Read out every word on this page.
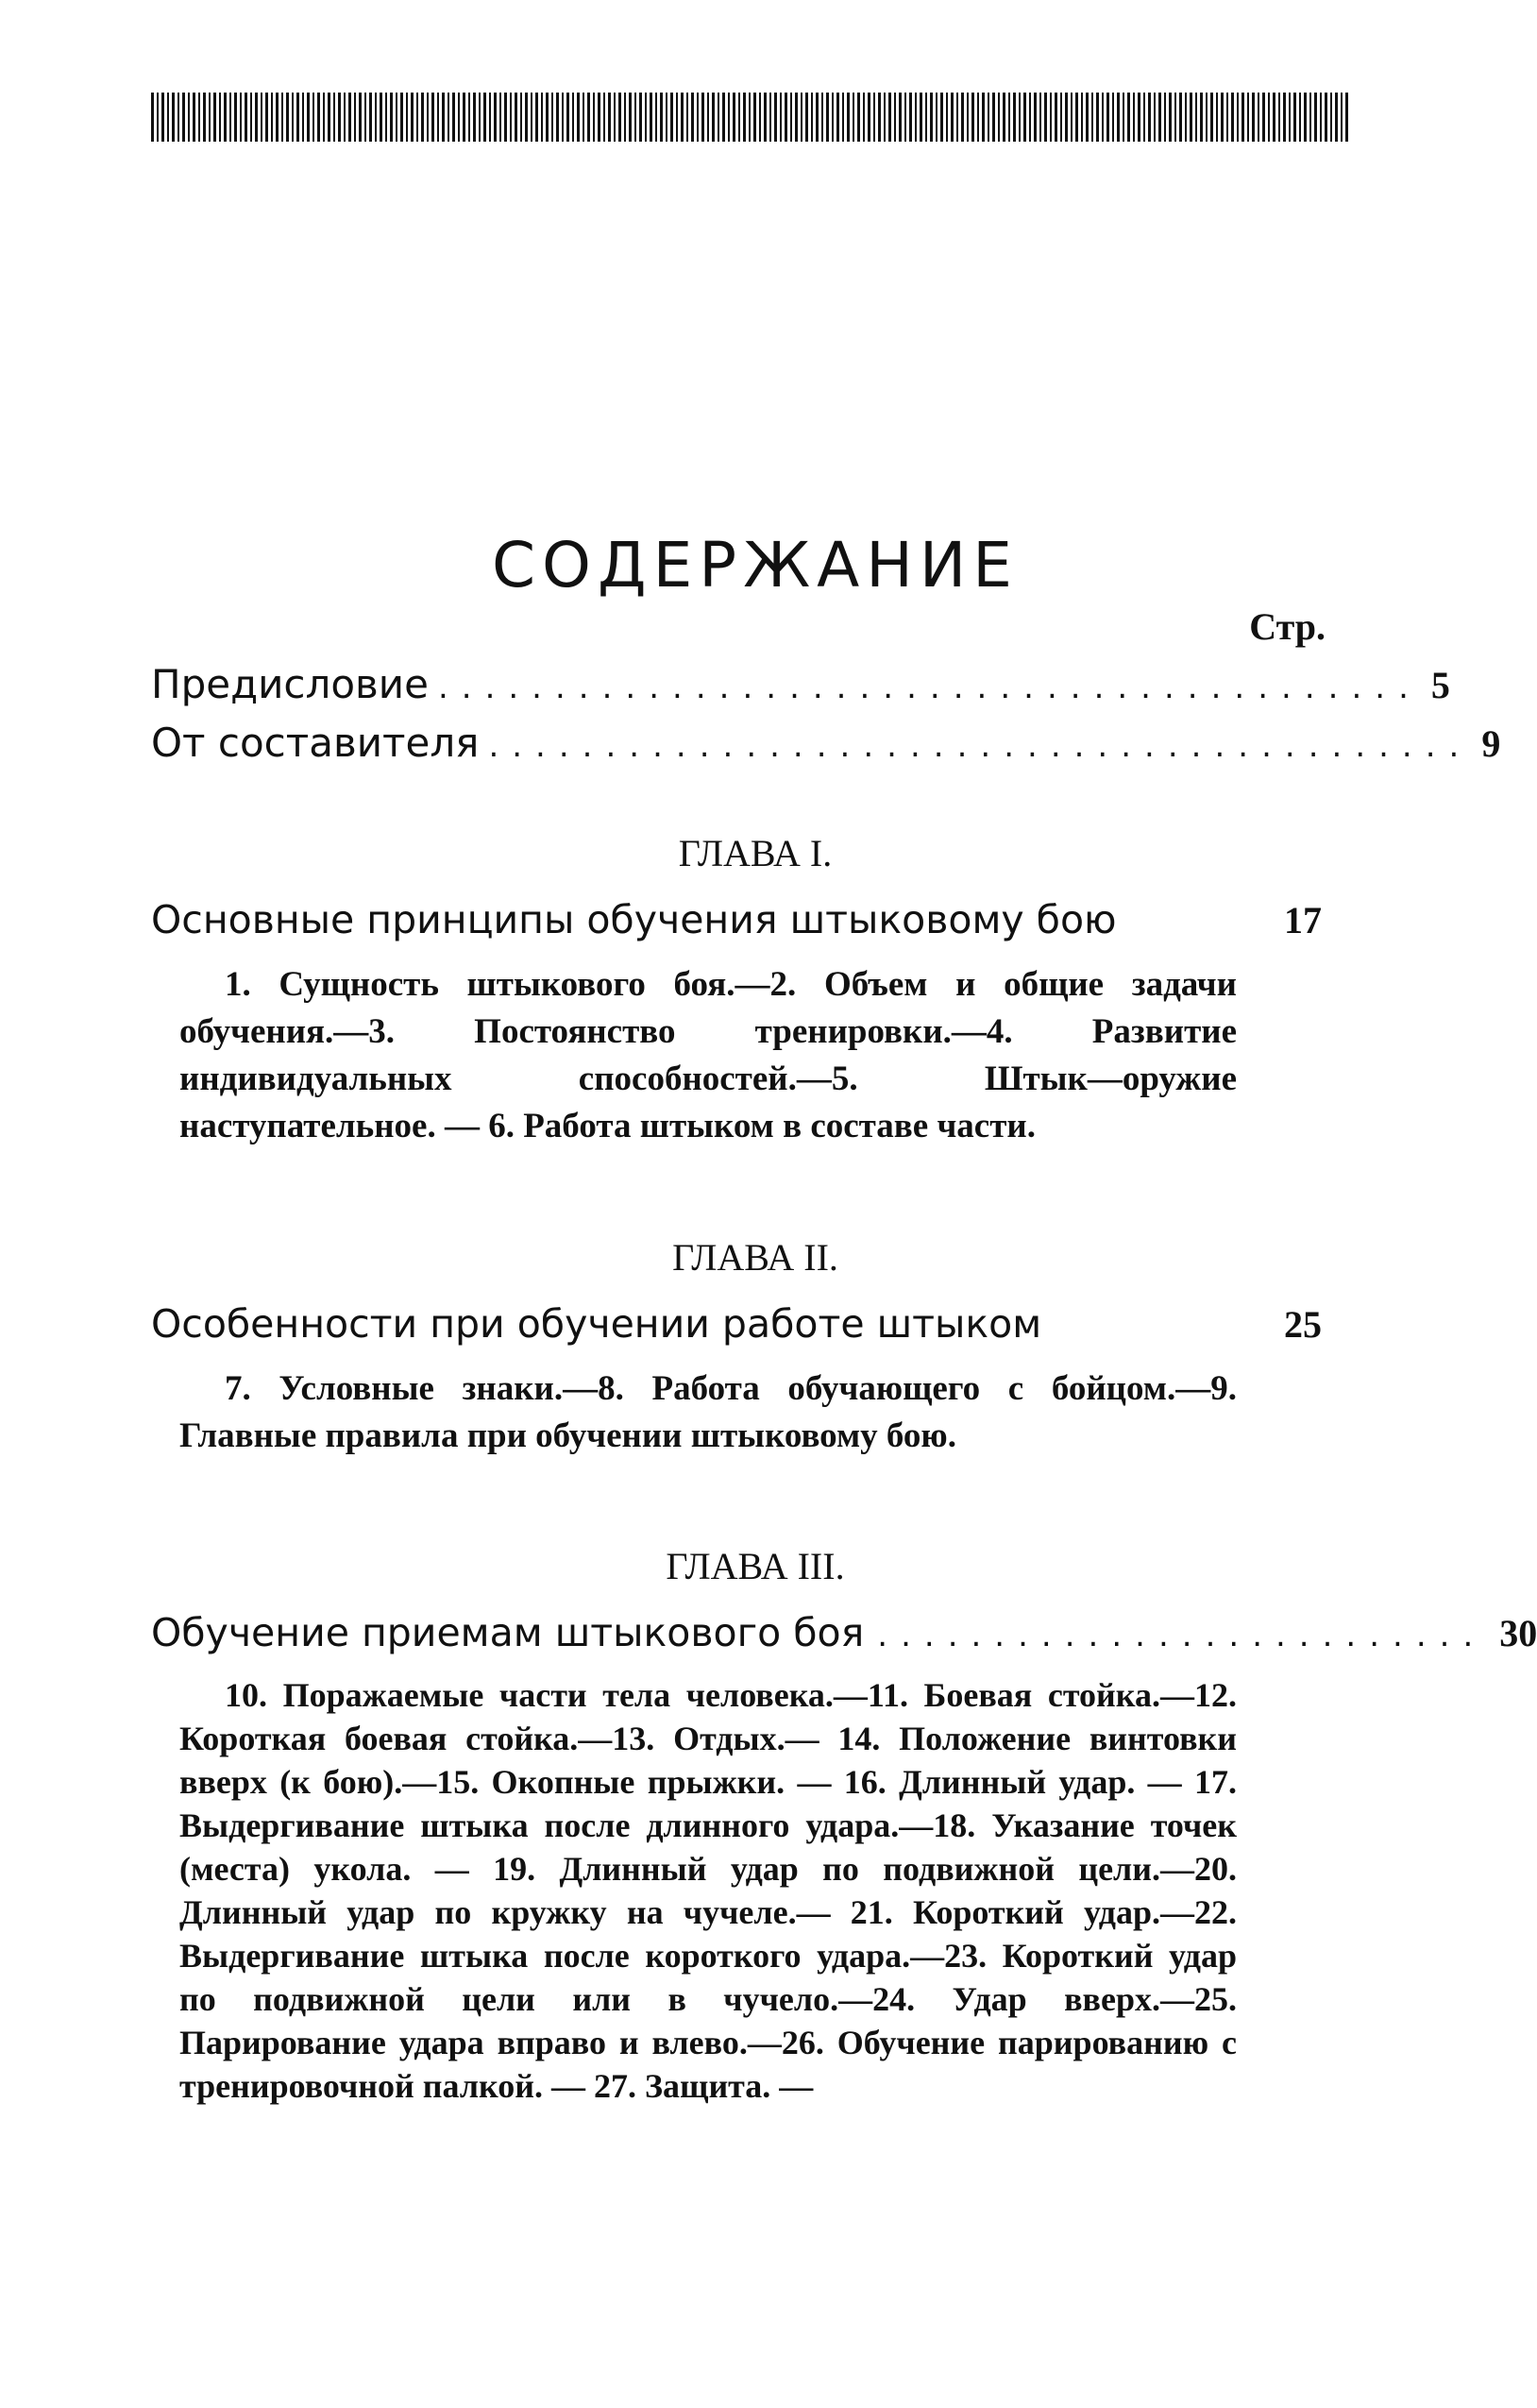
СОДЕРЖАНИЕ
Стр.
Предисловие .......................................... 5
От составителя .......................................... 9
ГЛАВА I.
Основные принципы обучения штыковому бою	17
1. Сущность штыкового боя.—2. Объем и общие задачи обучения.—3. Постоянство тренировки.—4. Развитие индивидуальных способностей.—5. Штык—оружие наступательное. — 6. Работа штыком в составе части.
ГЛАВА II.
Особенности при обучении работе штыком	25
7. Условные знаки.—8. Работа обучающего с бойцом.—9. Главные правила при обучении штыковому бою.
ГЛАВА III.
Обучение приемам штыкового боя .......................... 30
10. Поражаемые части тела человека.—11. Боевая стойка.—12. Короткая боевая стойка.—13. Отдых.— 14. Положение винтовки вверх (к бою).—15. Окопные прыжки. — 16. Длинный удар. — 17. Выдергивание штыка после длинного удара.—18. Указание точек (места) укола. — 19. Длинный удар по подвижной цели.—20. Длинный удар по кружку на чучеле.— 21. Короткий удар.—22. Выдергивание штыка после короткого удара.—23. Короткий удар по подвижной цели или в чучело.—24. Удар вверх.—25. Парирование удара вправо и влево.—26. Обучение парированию с тренировочной палкой. — 27. Защита. —
